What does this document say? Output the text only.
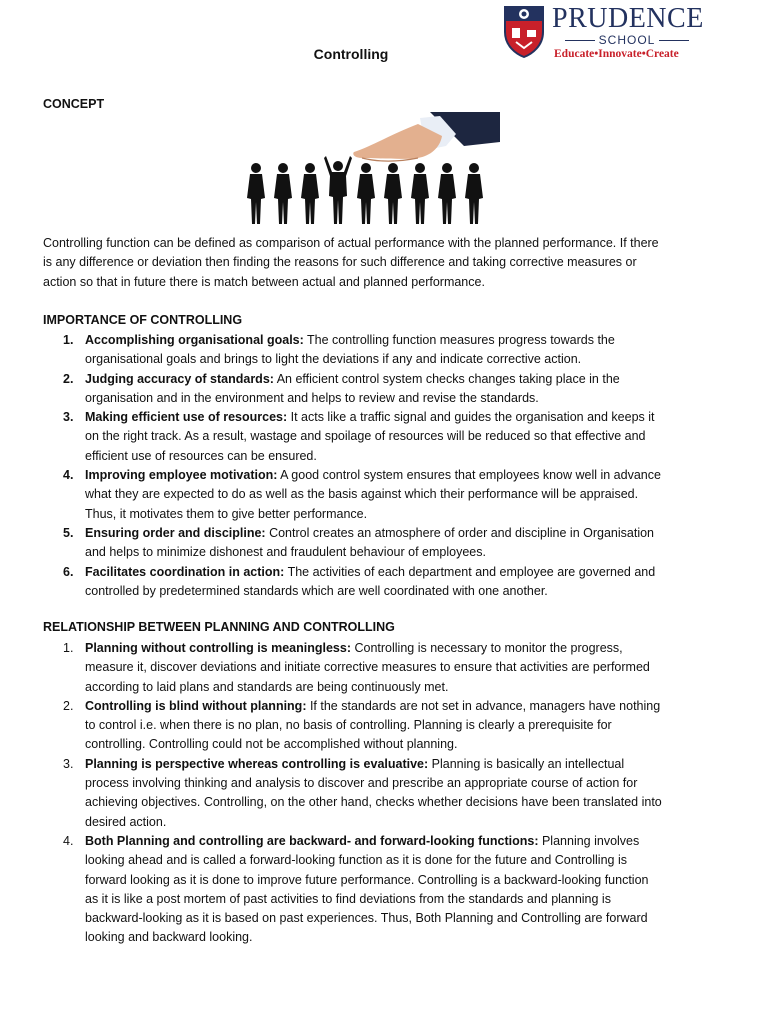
PRUDENCE
SCHOOL
Educate•Innovate•Create
Controlling
CONCEPT

Controlling function can be defined as comparison of actual performance with the planned performance. If there is any difference or deviation then finding the reasons for such difference and taking corrective measures or action so that in future there is match between actual and planned performance.

IMPORTANCE OF CONTROLLING
1. Accomplishing organisational goals: The controlling function measures progress towards the organisational goals and brings to light the deviations if any and indicate corrective action.
2. Judging accuracy of standards: An efficient control system checks changes taking place in the organisation and in the environment and helps to review and revise the standards.
3. Making efficient use of resources: It acts like a traffic signal and guides the organisation and keeps it on the right track. As a result, wastage and spoilage of resources will be reduced so that effective and efficient use of resources can be ensured.
4. Improving employee motivation: A good control system ensures that employees know well in advance what they are expected to do as well as the basis against which their performance will be appraised. Thus, it motivates them to give better performance.
5. Ensuring order and discipline: Control creates an atmosphere of order and discipline in Organisation and helps to minimize dishonest and fraudulent behaviour of employees.
6. Facilitates coordination in action: The activities of each department and employee are governed and controlled by predetermined standards which are well coordinated with one another.
RELATIONSHIP BETWEEN PLANNING AND CONTROLLING
1. Planning without controlling is meaningless: Controlling is necessary to monitor the progress, measure it, discover deviations and initiate corrective measures to ensure that activities are performed according to laid plans and standards are being continuously met.
2. Controlling is blind without planning: If the standards are not set in advance, managers have nothing to control i.e. when there is no plan, no basis of controlling. Planning is clearly a prerequisite for controlling. Controlling could not be accomplished without planning.
3. Planning is perspective whereas controlling is evaluative: Planning is basically an intellectual process involving thinking and analysis to discover and prescribe an appropriate course of action for achieving objectives. Controlling, on the other hand, checks whether decisions have been translated into desired action.
4. Both Planning and controlling are backward- and forward-looking functions: Planning involves looking ahead and is called a forward-looking function as it is done for the future and Controlling is forward looking as it is done to improve future performance. Controlling is a backward-looking function as it is like a post mortem of past activities to find deviations from the standards and planning is backward-looking as it is based on past experiences. Thus, Both Planning and Controlling are forward looking and backward looking.
